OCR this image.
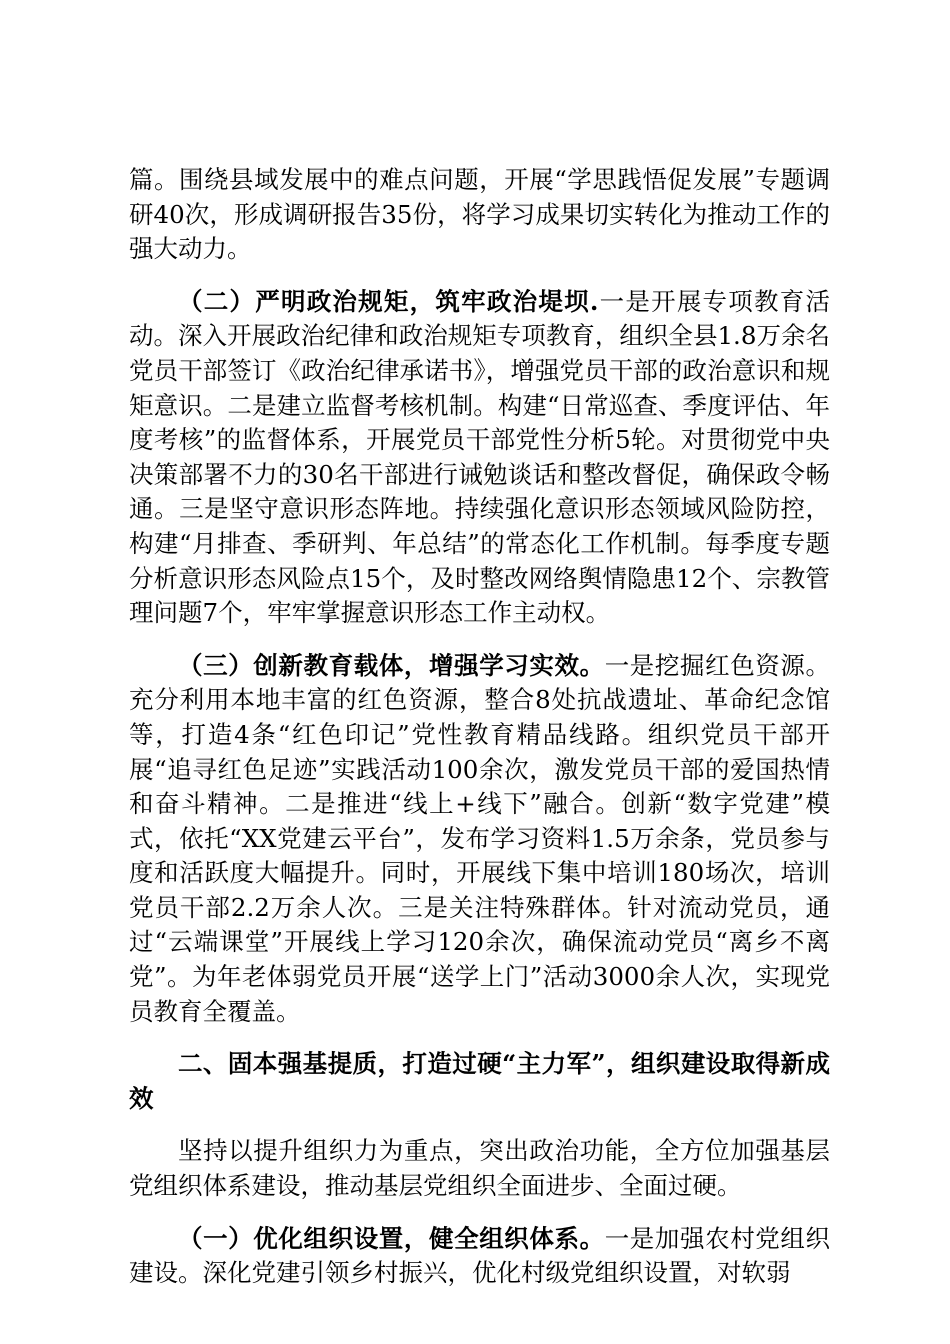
篇。围绕县域发展中的难点问题，开展“学思践悟促发展”专题调研40次，形成调研报告35份，将学习成果切实转化为推动工作的强大动力。

（二）严明政治规矩，筑牢政治堤坝.一是开展专项教育活动。深入开展政治纪律和政治规矩专项教育，组织全县1.8万余名党员干部签订《政治纪律承诺书》，增强党员干部的政治意识和规矩意识。二是建立监督考核机制。构建“日常巡查、季度评估、年度考核”的监督体系，开展党员干部党性分析5轮。对贯彻党中央决策部署不力的30名干部进行诫勉谈话和整改督促，确保政令畅通。三是坚守意识形态阵地。持续强化意识形态领域风险防控，构建“月排查、季研判、年总结”的常态化工作机制。每季度专题分析意识形态风险点15个，及时整改网络舆情隐患12个、宗教管理问题7个，牢牢掌握意识形态工作主动权。

（三）创新教育载体，增强学习实效。一是挖掘红色资源。充分利用本地丰富的红色资源，整合8处抗战遗址、革命纪念馆等，打造4条“红色印记”党性教育精品线路。组织党员干部开展“追寻红色足迹”实践活动100余次，激发党员干部的爱国热情和奋斗精神。二是推进“线上+线下”融合。创新“数字党建”模式，依托“XX党建云平台”，发布学习资料1.5万余条，党员参与度和活跃度大幅提升。同时，开展线下集中培训180场次，培训党员干部2.2万余人次。三是关注特殊群体。针对流动党员，通过“云端课堂”开展线上学习120余次，确保流动党员“离乡不离党”。为年老体弱党员开展“送学上门”活动3000余人次，实现党员教育全覆盖。

二、固本强基提质，打造过硬“主力军”，组织建设取得新成效

坚持以提升组织力为重点，突出政治功能，全方位加强基层党组织体系建设，推动基层党组织全面进步、全面过硬。

（一）优化组织设置，健全组织体系。一是加强农村党组织建设。深化党建引领乡村振兴，优化村级党组织设置，对软弱
